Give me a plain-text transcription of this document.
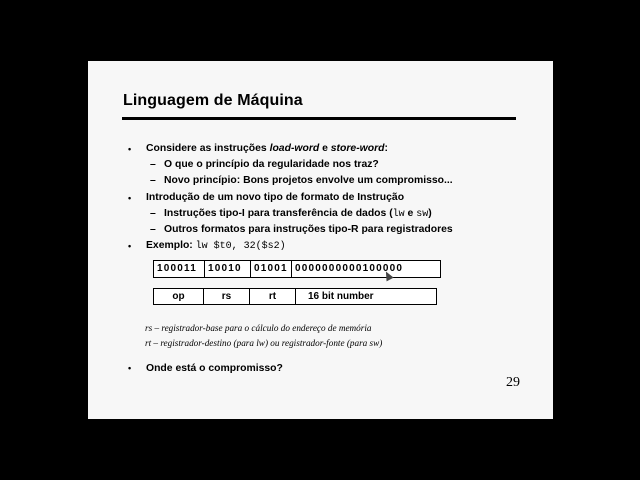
Linguagem de Máquina
• Considere as instruções load-word e store-word:
– O que o princípio da regularidade nos traz?
– Novo princípio: Bons projetos envolve um compromisso...
• Introdução de um novo tipo de formato de Instrução
– Instruções tipo-I para transferência de dados (lw e sw)
– Outros formatos para instruções tipo-R para registradores
• Exemplo: lw $t0, 32($s2)
100011	10010	01001 0000000000100000
op	rs	rt	16 bit number
rs – registrador-base para o cálculo do endereço de memória
rt – registrador-destino (para lw) ou registrador-fonte (para sw)
• Onde está o compromisso?
29
